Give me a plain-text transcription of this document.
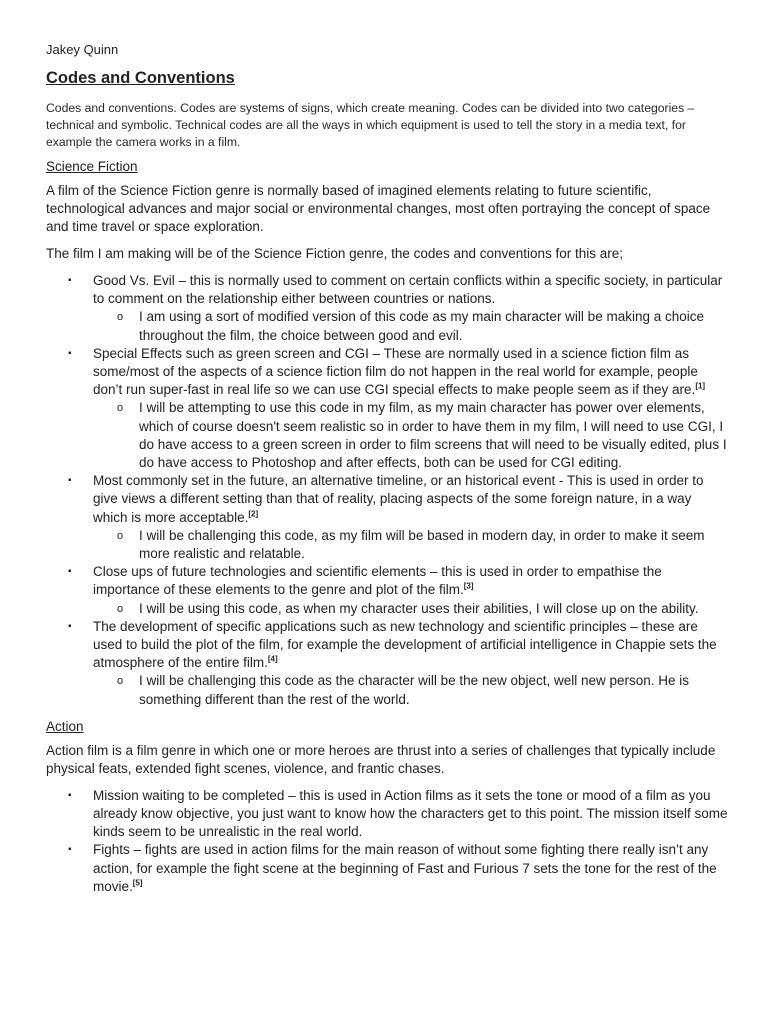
Jakey Quinn
Codes and Conventions

Codes and conventions. Codes are systems of signs, which create meaning. Codes can be divided into two categories – technical and symbolic. Technical codes are all the ways in which equipment is used to tell the story in a media text, for example the camera works in a film.

Science Fiction

A film of the Science Fiction genre is normally based of imagined elements relating to future scientific, technological advances and major social or environmental changes, most often portraying the concept of space and time travel or space exploration.

The film I am making will be of the Science Fiction genre, the codes and conventions for this are;

▪ Good Vs. Evil – this is normally used to comment on certain conflicts within a specific society, in particular to comment on the relationship either between countries or nations.
o I am using a sort of modified version of this code as my main character will be making a choice throughout the film, the choice between good and evil.
▪ Special Effects such as green screen and CGI – These are normally used in a science fiction film as some/most of the aspects of a science fiction film do not happen in the real world for example, people don’t run super-fast in real life so we can use CGI special effects to make people seem as if they are.[1]
o I will be attempting to use this code in my film, as my main character has power over elements, which of course doesn't seem realistic so in order to have them in my film, I will need to use CGI, I do have access to a green screen in order to film screens that will need to be visually edited, plus I do have access to Photoshop and after effects, both can be used for CGI editing.
▪ Most commonly set in the future, an alternative timeline, or an historical event - This is used in order to give views a different setting than that of reality, placing aspects of the some foreign nature, in a way which is more acceptable.[2]
o I will be challenging this code, as my film will be based in modern day, in order to make it seem more realistic and relatable.
▪ Close ups of future technologies and scientific elements – this is used in order to empathise the importance of these elements to the genre and plot of the film.[3]
o I will be using this code, as when my character uses their abilities, I will close up on the ability.
▪ The development of specific applications such as new technology and scientific principles – these are used to build the plot of the film, for example the development of artificial intelligence in Chappie sets the atmosphere of the entire film.[4]
o I will be challenging this code as the character will be the new object, well new person. He is something different than the rest of the world.
Action

Action film is a film genre in which one or more heroes are thrust into a series of challenges that typically include physical feats, extended fight scenes, violence, and frantic chases.

▪ Mission waiting to be completed – this is used in Action films as it sets the tone or mood of a film as you already know objective, you just want to know how the characters get to this point. The mission itself some kinds seem to be unrealistic in the real world.
▪ Fights – fights are used in action films for the main reason of without some fighting there really isn’t any action, for example the fight scene at the beginning of Fast and Furious 7 sets the tone for the rest of the movie.[5]
